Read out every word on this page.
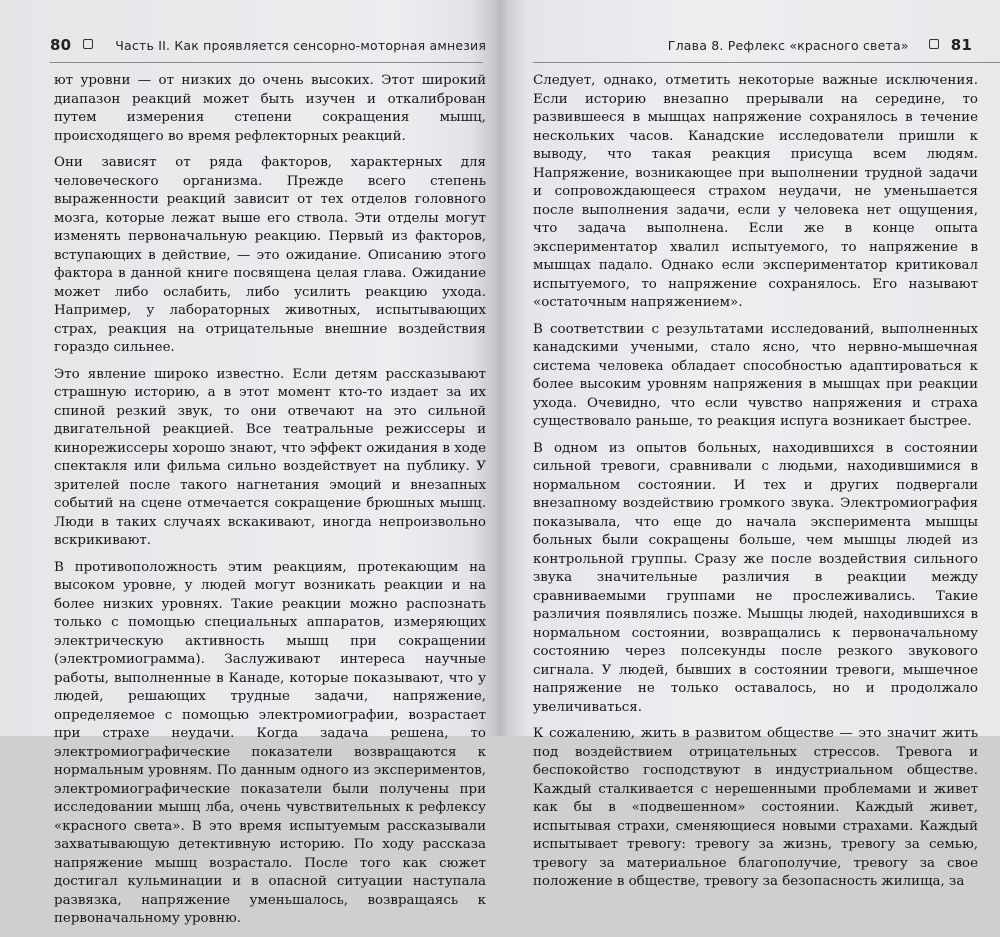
80	Часть II. Как проявляется сенсорно-моторная амнезия

ют уровни — от низких до очень высоких. Этот широкий диапазон реакций может быть изучен и откалиброван путем измерения степени сокращения мышц, происходящего во время рефлекторных реакций.

Они зависят от ряда факторов, характерных для человеческого организма. Прежде всего степень выраженности реакций зависит от тех отделов головного мозга, которые лежат выше его ствола. Эти отделы могут изменять первоначальную реакцию. Первый из факторов, вступающих в действие, — это ожидание. Описанию этого фактора в данной книге посвящена целая глава. Ожидание может либо ослабить, либо усилить реакцию ухода. Например, у лабораторных животных, испытывающих страх, реакция на отрицательные внешние воздействия гораздо сильнее.

Это явление широко известно. Если детям рассказывают страшную историю, а в этот момент кто-то издает за их спиной резкий звук, то они отвечают на это сильной двигательной реакцией. Все театральные режиссеры и кинорежиссеры хорошо знают, что эффект ожидания в ходе спектакля или фильма сильно воздействует на публику. У зрителей после такого нагнетания эмоций и внезапных событий на сцене отмечается сокращение брюшных мышц. Люди в таких случаях вскакивают, иногда непроизвольно вскрикивают.

В противоположность этим реакциям, протекающим на высоком уровне, у людей могут возникать реакции и на более низких уровнях. Такие реакции можно распознать только с помощью специальных аппаратов, измеряющих электрическую активность мышц при сокращении (электромиограмма). Заслуживают интереса научные работы, выполненные в Канаде, которые показывают, что у людей, решающих трудные задачи, напряжение, определяемое с помощью электромиографии, возрастает при страхе неудачи. Когда задача решена, то электромиографические показатели возвращаются к нормальным уровням. По данным одного из экспериментов, электромиографические показатели были получены при исследовании мышц лба, очень чувствительных к рефлексу «красного света». В это время испытуемым рассказывали захватывающую детективную историю. По ходу рассказа напряжение мышц возрастало. После того как сюжет достигал кульминации и в опасной ситуации наступала развязка, напряжение уменьшалось, возвращаясь к первоначальному уровню.

Глава 8. Рефлекс «красного света»	81

Следует, однако, отметить некоторые важные исключения. Если историю внезапно прерывали на середине, то развившееся в мышцах напряжение сохранялось в течение нескольких часов. Канадские исследователи пришли к выводу, что такая реакция присуща всем людям. Напряжение, возникающее при выполнении трудной задачи и сопровождающееся страхом неудачи, не уменьшается после выполнения задачи, если у человека нет ощущения, что задача выполнена. Если же в конце опыта экспериментатор хвалил испытуемого, то напряжение в мышцах падало. Однако если экспериментатор критиковал испытуемого, то напряжение сохранялось. Его называют «остаточным напряжением».

В соответствии с результатами исследований, выполненных канадскими учеными, стало ясно, что нервно-мышечная система человека обладает способностью адаптироваться к более высоким уровням напряжения в мышцах при реакции ухода. Очевидно, что если чувство напряжения и страха существовало раньше, то реакция испуга возникает быстрее.

В одном из опытов больных, находившихся в состоянии сильной тревоги, сравнивали с людьми, находившимися в нормальном состоянии. И тех и других подвергали внезапному воздействию громкого звука. Электромиография показывала, что еще до начала эксперимента мышцы больных были сокращены больше, чем мышцы людей из контрольной группы. Сразу же после воздействия сильного звука значительные различия в реакции между сравниваемыми группами не прослеживались. Такие различия появлялись позже. Мышцы людей, находившихся в нормальном состоянии, возвращались к первоначальному состоянию через полсекунды после резкого звукового сигнала. У людей, бывших в состоянии тревоги, мышечное напряжение не только оставалось, но и продолжало увеличиваться.

К сожалению, жить в развитом обществе — это значит жить под воздействием отрицательных стрессов. Тревога и беспокойство господствуют в индустриальном обществе. Каждый сталкивается с нерешенными проблемами и живет как бы в «подвешенном» состоянии. Каждый живет, испытывая страхи, сменяющиеся новыми страхами. Каждый испытывает тревогу: тревогу за жизнь, тревогу за семью, тревогу за материальное благополучие, тревогу за свое положение в обществе, тревогу за безопасность жилища, за
